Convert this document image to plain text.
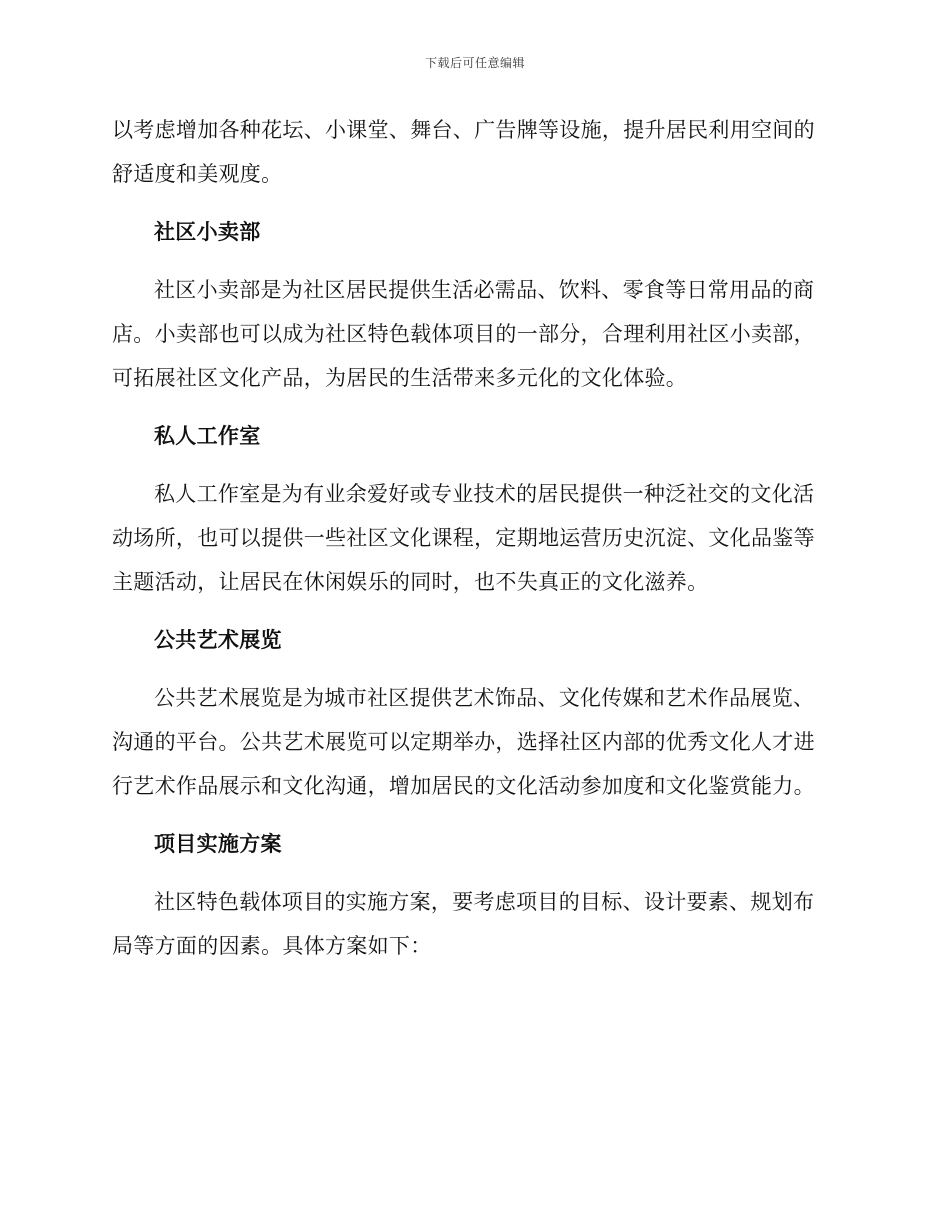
下载后可任意编辑

以考虑增加各种花坛、小课堂、舞台、广告牌等设施，提升居民利用空间的舒适度和美观度。

社区小卖部

社区小卖部是为社区居民提供生活必需品、饮料、零食等日常用品的商店。小卖部也可以成为社区特色载体项目的一部分，合理利用社区小卖部，可拓展社区文化产品，为居民的生活带来多元化的文化体验。

私人工作室

私人工作室是为有业余爱好或专业技术的居民提供一种泛社交的文化活动场所，也可以提供一些社区文化课程，定期地运营历史沉淀、文化品鉴等主题活动，让居民在休闲娱乐的同时，也不失真正的文化滋养。

公共艺术展览

公共艺术展览是为城市社区提供艺术饰品、文化传媒和艺术作品展览、沟通的平台。公共艺术展览可以定期举办，选择社区内部的优秀文化人才进行艺术作品展示和文化沟通，增加居民的文化活动参加度和文化鉴赏能力。

项目实施方案

社区特色载体项目的实施方案，要考虑项目的目标、设计要素、规划布局等方面的因素。具体方案如下：
